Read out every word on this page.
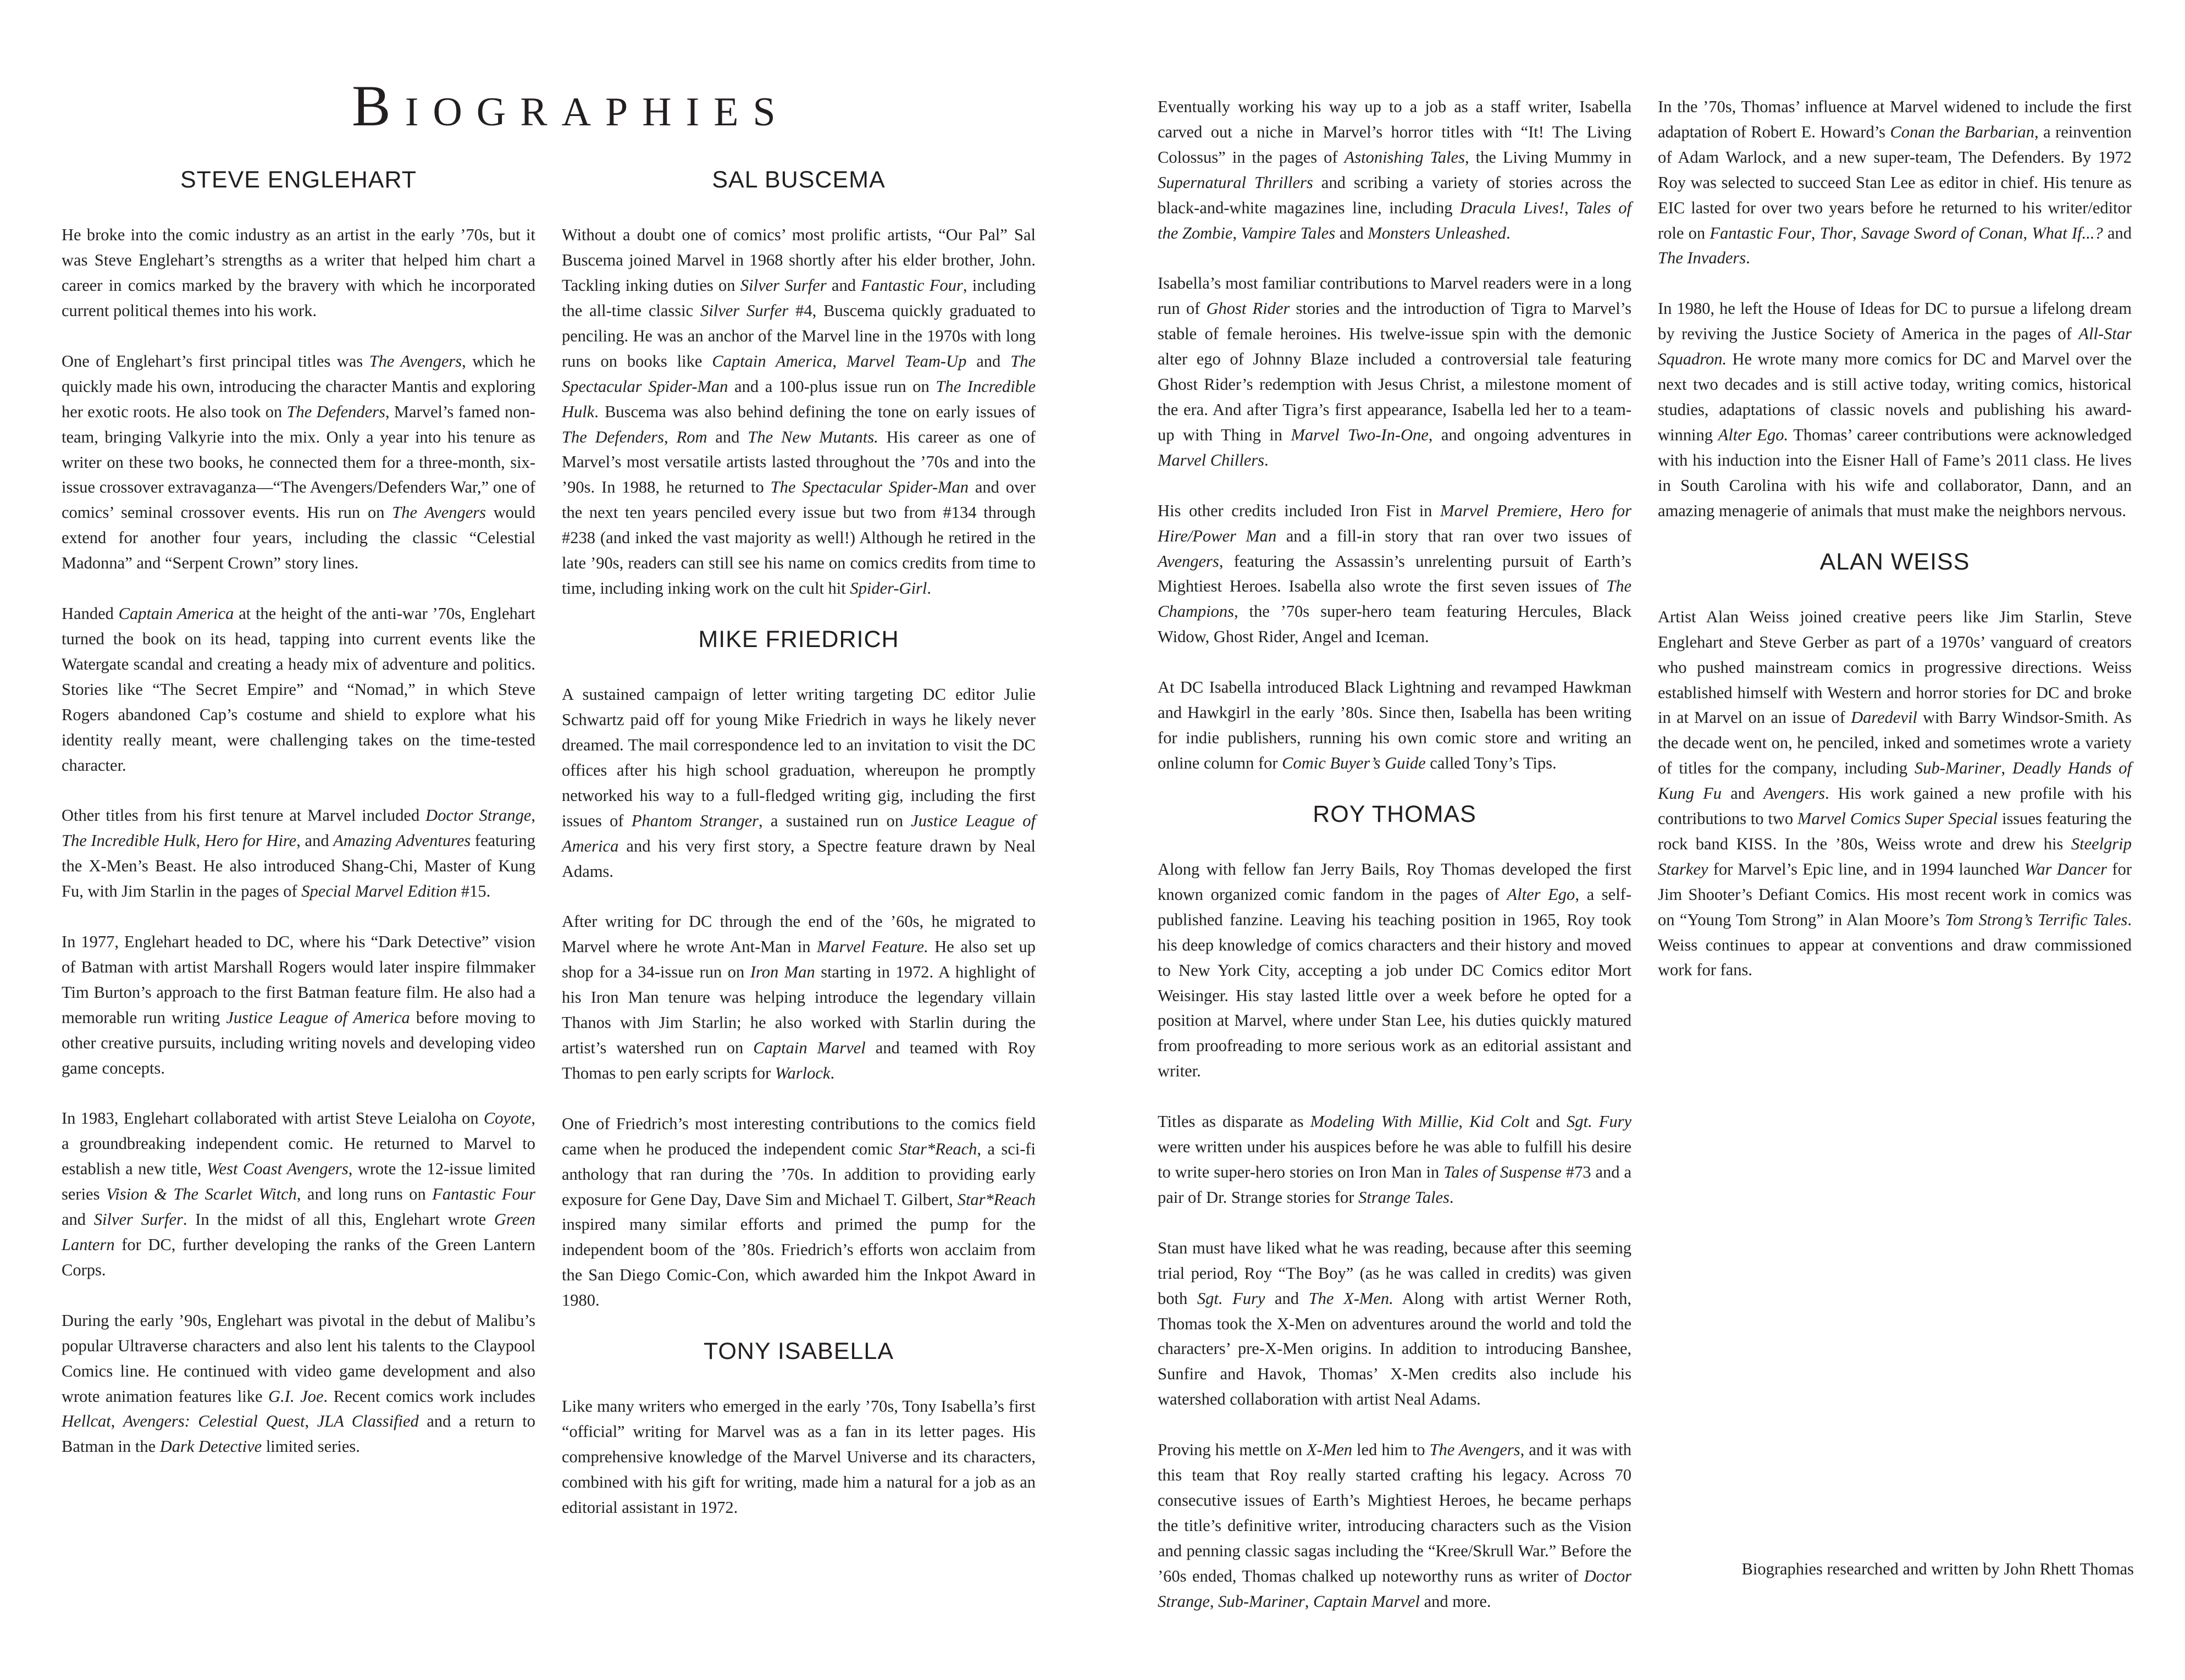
Biographies
STEVE ENGLEHART

He broke into the comic industry as an artist in the early ’70s, but it was Steve Englehart’s strengths as a writer that helped him chart a career in comics marked by the bravery with which he incorporated current political themes into his work.

One of Englehart’s first principal titles was The Avengers, which he quickly made his own, introducing the character Mantis and exploring her exotic roots. He also took on The Defenders, Marvel’s famed non-team, bringing Valkyrie into the mix. Only a year into his tenure as writer on these two books, he connected them for a three-month, six-issue crossover extravaganza—“The Avengers/Defenders War,” one of comics’ seminal crossover events. His run on The Avengers would extend for another four years, including the classic “Celestial Madonna” and “Serpent Crown” story lines.

Handed Captain America at the height of the anti-war ’70s, Englehart turned the book on its head, tapping into current events like the Watergate scandal and creating a heady mix of adventure and politics. Stories like “The Secret Empire” and “Nomad,” in which Steve Rogers abandoned Cap’s costume and shield to explore what his identity really meant, were challenging takes on the time-tested character.

Other titles from his first tenure at Marvel included Doctor Strange, The Incredible Hulk, Hero for Hire, and Amazing Adventures featuring the X-Men’s Beast. He also introduced Shang-Chi, Master of Kung Fu, with Jim Starlin in the pages of Special Marvel Edition #15.

In 1977, Englehart headed to DC, where his “Dark Detective” vision of Batman with artist Marshall Rogers would later inspire filmmaker Tim Burton’s approach to the first Batman feature film. He also had a memorable run writing Justice League of America before moving to other creative pursuits, including writing novels and developing video game concepts.

In 1983, Englehart collaborated with artist Steve Leialoha on Coyote, a groundbreaking independent comic. He returned to Marvel to establish a new title, West Coast Avengers, wrote the 12-issue limited series Vision & The Scarlet Witch, and long runs on Fantastic Four and Silver Surfer. In the midst of all this, Englehart wrote Green Lantern for DC, further developing the ranks of the Green Lantern Corps.

During the early ’90s, Englehart was pivotal in the debut of Malibu’s popular Ultraverse characters and also lent his talents to the Claypool Comics line. He continued with video game development and also wrote animation features like G.I. Joe. Recent comics work includes Hellcat, Avengers: Celestial Quest, JLA Classified and a return to Batman in the Dark Detective limited series.

SAL BUSCEMA

Without a doubt one of comics’ most prolific artists, “Our Pal” Sal Buscema joined Marvel in 1968 shortly after his elder brother, John. Tackling inking duties on Silver Surfer and Fantastic Four, including the all-time classic Silver Surfer #4, Buscema quickly graduated to penciling. He was an anchor of the Marvel line in the 1970s with long runs on books like Captain America, Marvel Team-Up and The Spectacular Spider-Man and a 100-plus issue run on The Incredible Hulk. Buscema was also behind defining the tone on early issues of The Defenders, Rom and The New Mutants. His career as one of Marvel’s most versatile artists lasted throughout the ’70s and into the ’90s. In 1988, he returned to The Spectacular Spider-Man and over the next ten years penciled every issue but two from #134 through #238 (and inked the vast majority as well!) Although he retired in the late ’90s, readers can still see his name on comics credits from time to time, including inking work on the cult hit Spider-Girl.

MIKE FRIEDRICH

A sustained campaign of letter writing targeting DC editor Julie Schwartz paid off for young Mike Friedrich in ways he likely never dreamed. The mail correspondence led to an invitation to visit the DC offices after his high school graduation, whereupon he promptly networked his way to a full-fledged writing gig, including the first issues of Phantom Stranger, a sustained run on Justice League of America and his very first story, a Spectre feature drawn by Neal Adams.

After writing for DC through the end of the ’60s, he migrated to Marvel where he wrote Ant-Man in Marvel Feature. He also set up shop for a 34-issue run on Iron Man starting in 1972. A highlight of his Iron Man tenure was helping introduce the legendary villain Thanos with Jim Starlin; he also worked with Starlin during the artist’s watershed run on Captain Marvel and teamed with Roy Thomas to pen early scripts for Warlock.

One of Friedrich’s most interesting contributions to the comics field came when he produced the independent comic Star*Reach, a sci-fi anthology that ran during the ’70s. In addition to providing early exposure for Gene Day, Dave Sim and Michael T. Gilbert, Star*Reach inspired many similar efforts and primed the pump for the independent boom of the ’80s. Friedrich’s efforts won acclaim from the San Diego Comic-Con, which awarded him the Inkpot Award in 1980.

TONY ISABELLA

Like many writers who emerged in the early ’70s, Tony Isabella’s first “official” writing for Marvel was as a fan in its letter pages. His comprehensive knowledge of the Marvel Universe and its characters, combined with his gift for writing, made him a natural for a job as an editorial assistant in 1972.

Eventually working his way up to a job as a staff writer, Isabella carved out a niche in Marvel’s horror titles with “It! The Living Colossus” in the pages of Astonishing Tales, the Living Mummy in Supernatural Thrillers and scribing a variety of stories across the black-and-white magazines line, including Dracula Lives!, Tales of the Zombie, Vampire Tales and Monsters Unleashed.

Isabella’s most familiar contributions to Marvel readers were in a long run of Ghost Rider stories and the introduction of Tigra to Marvel’s stable of female heroines. His twelve-issue spin with the demonic alter ego of Johnny Blaze included a controversial tale featuring Ghost Rider’s redemption with Jesus Christ, a milestone moment of the era. And after Tigra’s first appearance, Isabella led her to a team-up with Thing in Marvel Two-In-One, and ongoing adventures in Marvel Chillers.

His other credits included Iron Fist in Marvel Premiere, Hero for Hire/Power Man and a fill-in story that ran over two issues of Avengers, featuring the Assassin’s unrelenting pursuit of Earth’s Mightiest Heroes. Isabella also wrote the first seven issues of The Champions, the ’70s super-hero team featuring Hercules, Black Widow, Ghost Rider, Angel and Iceman.

At DC Isabella introduced Black Lightning and revamped Hawkman and Hawkgirl in the early ’80s. Since then, Isabella has been writing for indie publishers, running his own comic store and writing an online column for Comic Buyer’s Guide called Tony’s Tips.

ROY THOMAS

Along with fellow fan Jerry Bails, Roy Thomas developed the first known organized comic fandom in the pages of Alter Ego, a self-published fanzine. Leaving his teaching position in 1965, Roy took his deep knowledge of comics characters and their history and moved to New York City, accepting a job under DC Comics editor Mort Weisinger. His stay lasted little over a week before he opted for a position at Marvel, where under Stan Lee, his duties quickly matured from proofreading to more serious work as an editorial assistant and writer.

Titles as disparate as Modeling With Millie, Kid Colt and Sgt. Fury were written under his auspices before he was able to fulfill his desire to write super-hero stories on Iron Man in Tales of Suspense #73 and a pair of Dr. Strange stories for Strange Tales.

Stan must have liked what he was reading, because after this seeming trial period, Roy “The Boy” (as he was called in credits) was given both Sgt. Fury and The X-Men. Along with artist Werner Roth, Thomas took the X-Men on adventures around the world and told the characters’ pre-X-Men origins. In addition to introducing Banshee, Sunfire and Havok, Thomas’ X-Men credits also include his watershed collaboration with artist Neal Adams.

Proving his mettle on X-Men led him to The Avengers, and it was with this team that Roy really started crafting his legacy. Across 70 consecutive issues of Earth’s Mightiest Heroes, he became perhaps the title’s definitive writer, introducing characters such as the Vision and penning classic sagas including the “Kree/Skrull War.” Before the ’60s ended, Thomas chalked up noteworthy runs as writer of Doctor Strange, Sub-Mariner, Captain Marvel and more.

In the ’70s, Thomas’ influence at Marvel widened to include the first adaptation of Robert E. Howard’s Conan the Barbarian, a reinvention of Adam Warlock, and a new super-team, The Defenders. By 1972 Roy was selected to succeed Stan Lee as editor in chief. His tenure as EIC lasted for over two years before he returned to his writer/editor role on Fantastic Four, Thor, Savage Sword of Conan, What If...? and The Invaders.

In 1980, he left the House of Ideas for DC to pursue a lifelong dream by reviving the Justice Society of America in the pages of All-Star Squadron. He wrote many more comics for DC and Marvel over the next two decades and is still active today, writing comics, historical studies, adaptations of classic novels and publishing his award-winning Alter Ego. Thomas’ career contributions were acknowledged with his induction into the Eisner Hall of Fame’s 2011 class. He lives in South Carolina with his wife and collaborator, Dann, and an amazing menagerie of animals that must make the neighbors nervous.

ALAN WEISS

Artist Alan Weiss joined creative peers like Jim Starlin, Steve Englehart and Steve Gerber as part of a 1970s’ vanguard of creators who pushed mainstream comics in progressive directions. Weiss established himself with Western and horror stories for DC and broke in at Marvel on an issue of Daredevil with Barry Windsor-Smith. As the decade went on, he penciled, inked and sometimes wrote a variety of titles for the company, including Sub-Mariner, Deadly Hands of Kung Fu and Avengers. His work gained a new profile with his contributions to two Marvel Comics Super Special issues featuring the rock band KISS. In the ’80s, Weiss wrote and drew his Steelgrip Starkey for Marvel’s Epic line, and in 1994 launched War Dancer for Jim Shooter’s Defiant Comics. His most recent work in comics was on “Young Tom Strong” in Alan Moore’s Tom Strong’s Terrific Tales. Weiss continues to appear at conventions and draw commissioned work for fans.

Biographies researched and written by John Rhett Thomas
